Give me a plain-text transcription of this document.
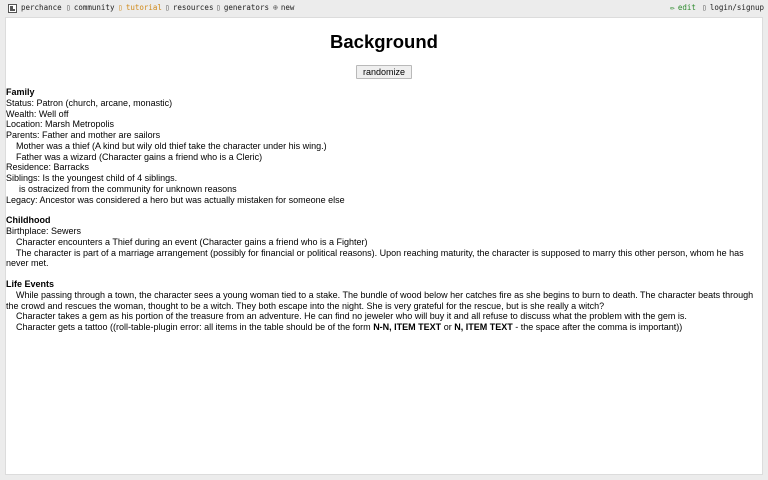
perchance ▯ community ▯ tutorial ▯ resources ▯ generators ⊕ new	✏ edit ▯ login/signup
Background
randomize
Family
Status: Patron (church, arcane, monastic)
Wealth: Well off
Location: Marsh Metropolis
Parents: Father and mother are sailors
Mother was a thief (A kind but wily old thief take the character under his wing.)
Father was a wizard (Character gains a friend who is a Cleric)
Residence: Barracks
Siblings: Is the youngest child of 4 siblings.
is ostracized from the community for unknown reasons
Legacy: Ancestor was considered a hero but was actually mistaken for someone else
Childhood
Birthplace: Sewers
Character encounters a Thief during an event (Character gains a friend who is a Fighter)
The character is part of a marriage arrangement (possibly for financial or political reasons). Upon reaching maturity, the character is supposed to marry this other person, whom he has never met.
Life Events
While passing through a town, the character sees a young woman tied to a stake. The bundle of wood below her catches fire as she begins to burn to death. The character beats through the crowd and rescues the woman, thought to be a witch. They both escape into the night. She is very grateful for the rescue, but is she really a witch?
Character takes a gem as his portion of the treasure from an adventure. He can find no jeweler who will buy it and all refuse to discuss what the problem with the gem is.
Character gets a tattoo ((roll-table-plugin error: all items in the table should be of the form N-N, ITEM TEXT or N, ITEM TEXT - the space after the comma is important))
